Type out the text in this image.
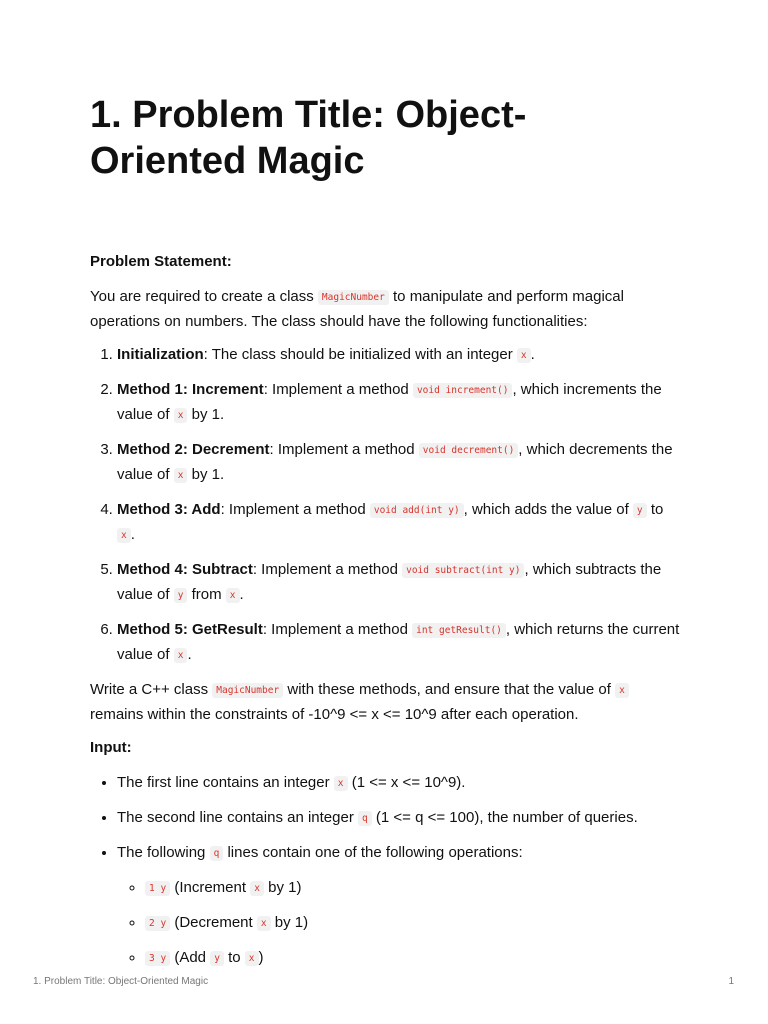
1. Problem Title: Object-Oriented Magic

Problem Statement:

You are required to create a class MagicNumber to manipulate and perform magical operations on numbers. The class should have the following functionalities:

1. Initialization: The class should be initialized with an integer x .
2. Method 1: Increment: Implement a method void increment() , which increments the value of x by 1.
3. Method 2: Decrement: Implement a method void decrement() , which decrements the value of x by 1.
4. Method 3: Add: Implement a method void add(int y) , which adds the value of y to x .
5. Method 4: Subtract: Implement a method void subtract(int y) , which subtracts the value of y from x .
6. Method 5: GetResult: Implement a method int getResult() , which returns the current value of x .

Write a C++ class MagicNumber with these methods, and ensure that the value of x remains within the constraints of -10^9 <= x <= 10^9 after each operation.

Input:

• The first line contains an integer x (1 <= x <= 10^9).
• The second line contains an integer q (1 <= q <= 100), the number of queries.
• The following q lines contain one of the following operations:
◦ 1 y (Increment x by 1)
◦ 2 y (Decrement x by 1)
◦ 3 y (Add y to x )
1. Problem Title: Object-Oriented Magic	1
